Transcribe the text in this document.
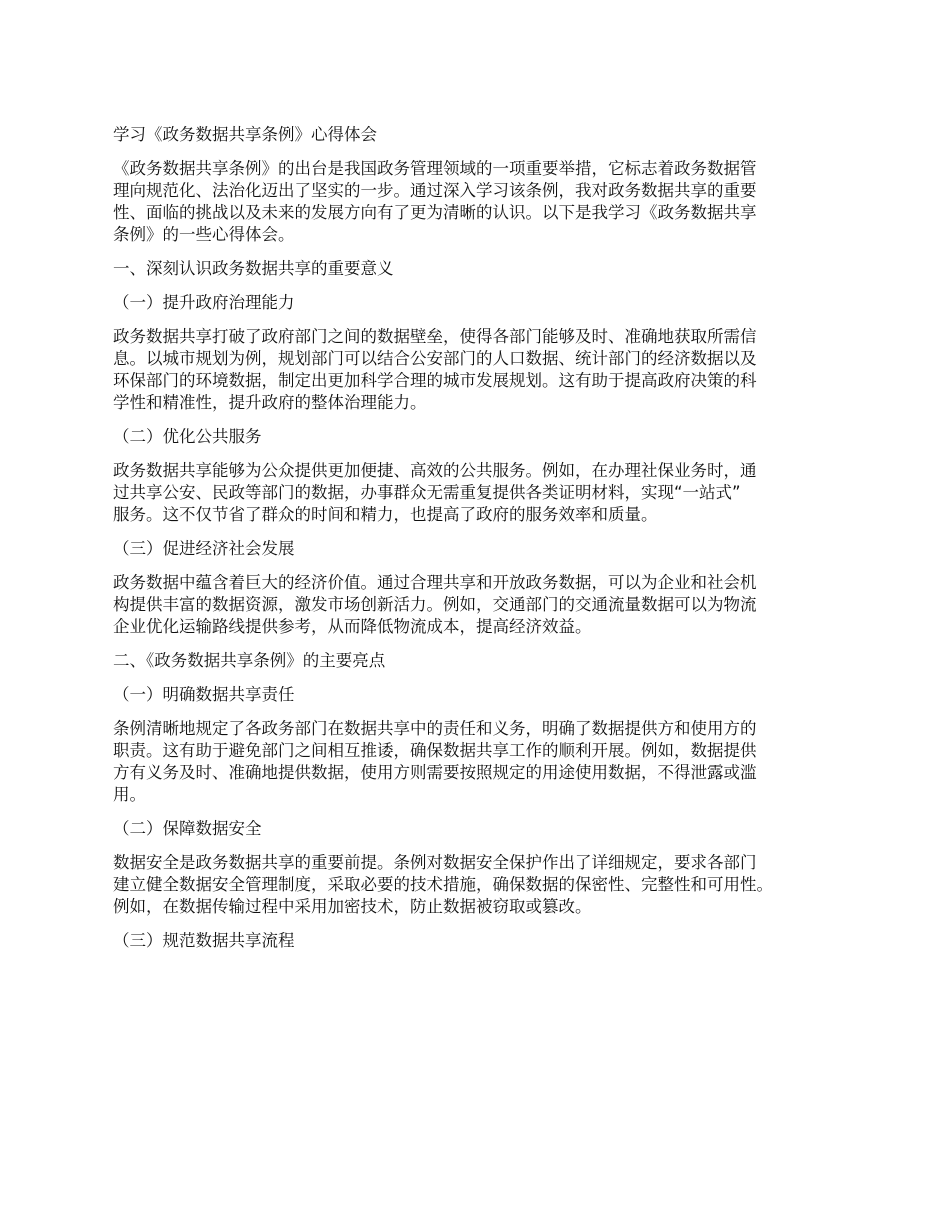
学习《政务数据共享条例》心得体会
《政务数据共享条例》的出台是我国政务管理领域的一项重要举措，它标志着政务数据管
理向规范化、法治化迈出了坚实的一步。通过深入学习该条例，我对政务数据共享的重要
性、面临的挑战以及未来的发展方向有了更为清晰的认识。以下是我学习《政务数据共享
条例》的一些心得体会。
一、深刻认识政务数据共享的重要意义
（一）提升政府治理能力
政务数据共享打破了政府部门之间的数据壁垒，使得各部门能够及时、准确地获取所需信
息。以城市规划为例，规划部门可以结合公安部门的人口数据、统计部门的经济数据以及
环保部门的环境数据，制定出更加科学合理的城市发展规划。这有助于提高政府决策的科
学性和精准性，提升政府的整体治理能力。
（二）优化公共服务
政务数据共享能够为公众提供更加便捷、高效的公共服务。例如，在办理社保业务时，通
过共享公安、民政等部门的数据，办事群众无需重复提供各类证明材料，实现“一站式”
服务。这不仅节省了群众的时间和精力，也提高了政府的服务效率和质量。
（三）促进经济社会发展
政务数据中蕴含着巨大的经济价值。通过合理共享和开放政务数据，可以为企业和社会机
构提供丰富的数据资源，激发市场创新活力。例如，交通部门的交通流量数据可以为物流
企业优化运输路线提供参考，从而降低物流成本，提高经济效益。
二、《政务数据共享条例》的主要亮点
（一）明确数据共享责任
条例清晰地规定了各政务部门在数据共享中的责任和义务，明确了数据提供方和使用方的
职责。这有助于避免部门之间相互推诿，确保数据共享工作的顺利开展。例如，数据提供
方有义务及时、准确地提供数据，使用方则需要按照规定的用途使用数据，不得泄露或滥
用。
（二）保障数据安全
数据安全是政务数据共享的重要前提。条例对数据安全保护作出了详细规定，要求各部门
建立健全数据安全管理制度，采取必要的技术措施，确保数据的保密性、完整性和可用性。
例如，在数据传输过程中采用加密技术，防止数据被窃取或篡改。
（三）规范数据共享流程
